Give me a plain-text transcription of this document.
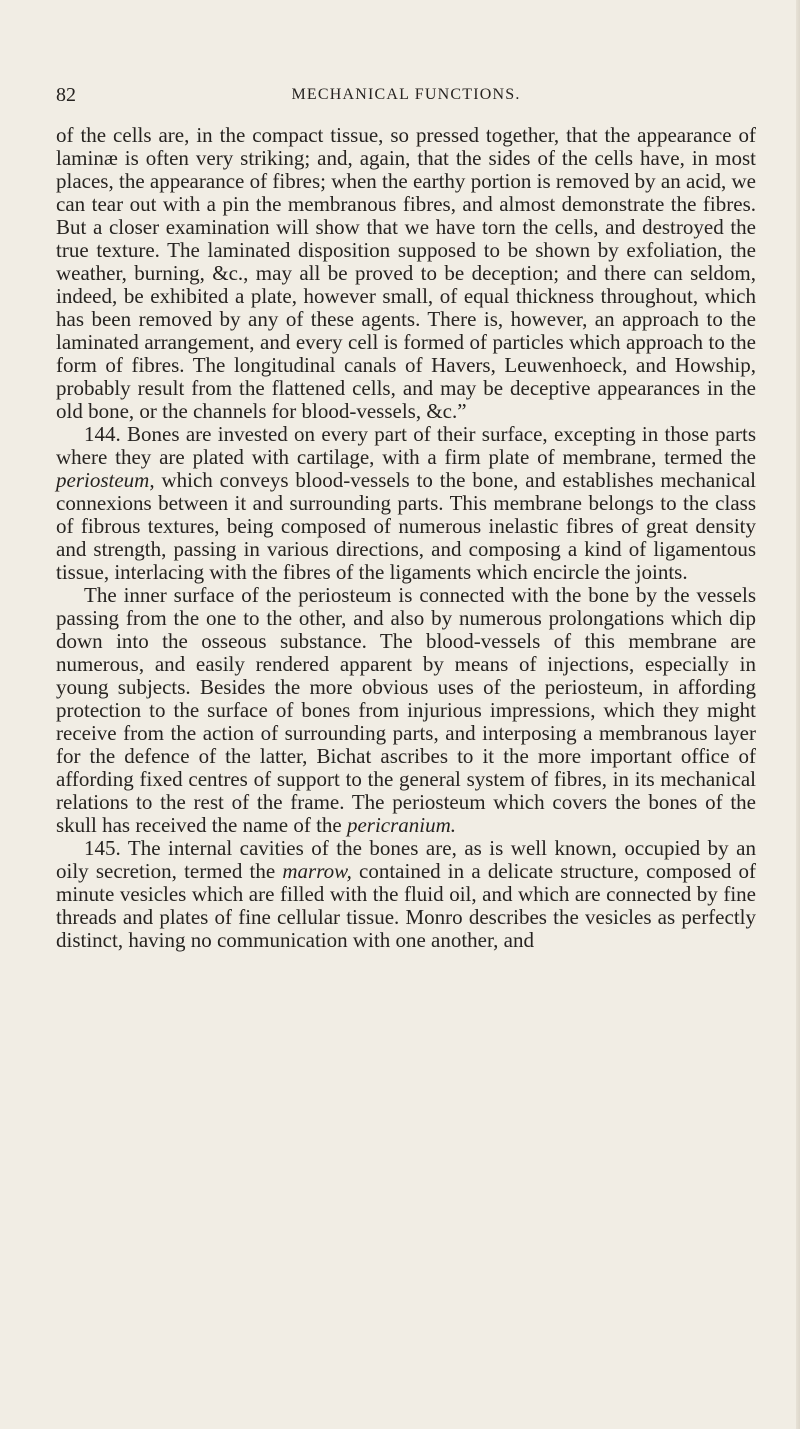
82	MECHANICAL FUNCTIONS.

of the cells are, in the compact tissue, so pressed together, that the appearance of laminæ is often very striking; and, again, that the sides of the cells have, in most places, the appearance of fibres; when the earthy portion is removed by an acid, we can tear out with a pin the membranous fibres, and almost demonstrate the fibres. But a closer examination will show that we have torn the cells, and destroyed the true texture. The laminated disposition supposed to be shown by exfoliation, the weather, burning, &c., may all be proved to be deception; and there can seldom, indeed, be exhibited a plate, however small, of equal thickness throughout, which has been removed by any of these agents. There is, however, an approach to the laminated arrangement, and every cell is formed of particles which approach to the form of fibres. The longitudinal canals of Havers, Leuwenhoeck, and Howship, probably result from the flattened cells, and may be deceptive appearances in the old bone, or the channels for blood-vessels, &c.”

144. Bones are invested on every part of their surface, excepting in those parts where they are plated with cartilage, with a firm plate of membrane, termed the periosteum, which conveys blood-vessels to the bone, and establishes mechanical connexions between it and surrounding parts. This membrane belongs to the class of fibrous textures, being composed of numerous inelastic fibres of great density and strength, passing in various directions, and composing a kind of ligamentous tissue, interlacing with the fibres of the ligaments which encircle the joints.

The inner surface of the periosteum is connected with the bone by the vessels passing from the one to the other, and also by numerous prolongations which dip down into the osseous substance. The blood-vessels of this membrane are numerous, and easily rendered apparent by means of injections, especially in young subjects. Besides the more obvious uses of the periosteum, in affording protection to the surface of bones from injurious impressions, which they might receive from the action of surrounding parts, and interposing a membranous layer for the defence of the latter, Bichat ascribes to it the more important office of affording fixed centres of support to the general system of fibres, in its mechanical relations to the rest of the frame. The periosteum which covers the bones of the skull has received the name of the pericranium.

145. The internal cavities of the bones are, as is well known, occupied by an oily secretion, termed the marrow, contained in a delicate structure, composed of minute vesicles which are filled with the fluid oil, and which are connected by fine threads and plates of fine cellular tissue. Monro describes the vesicles as perfectly distinct, having no communication with one another, and
